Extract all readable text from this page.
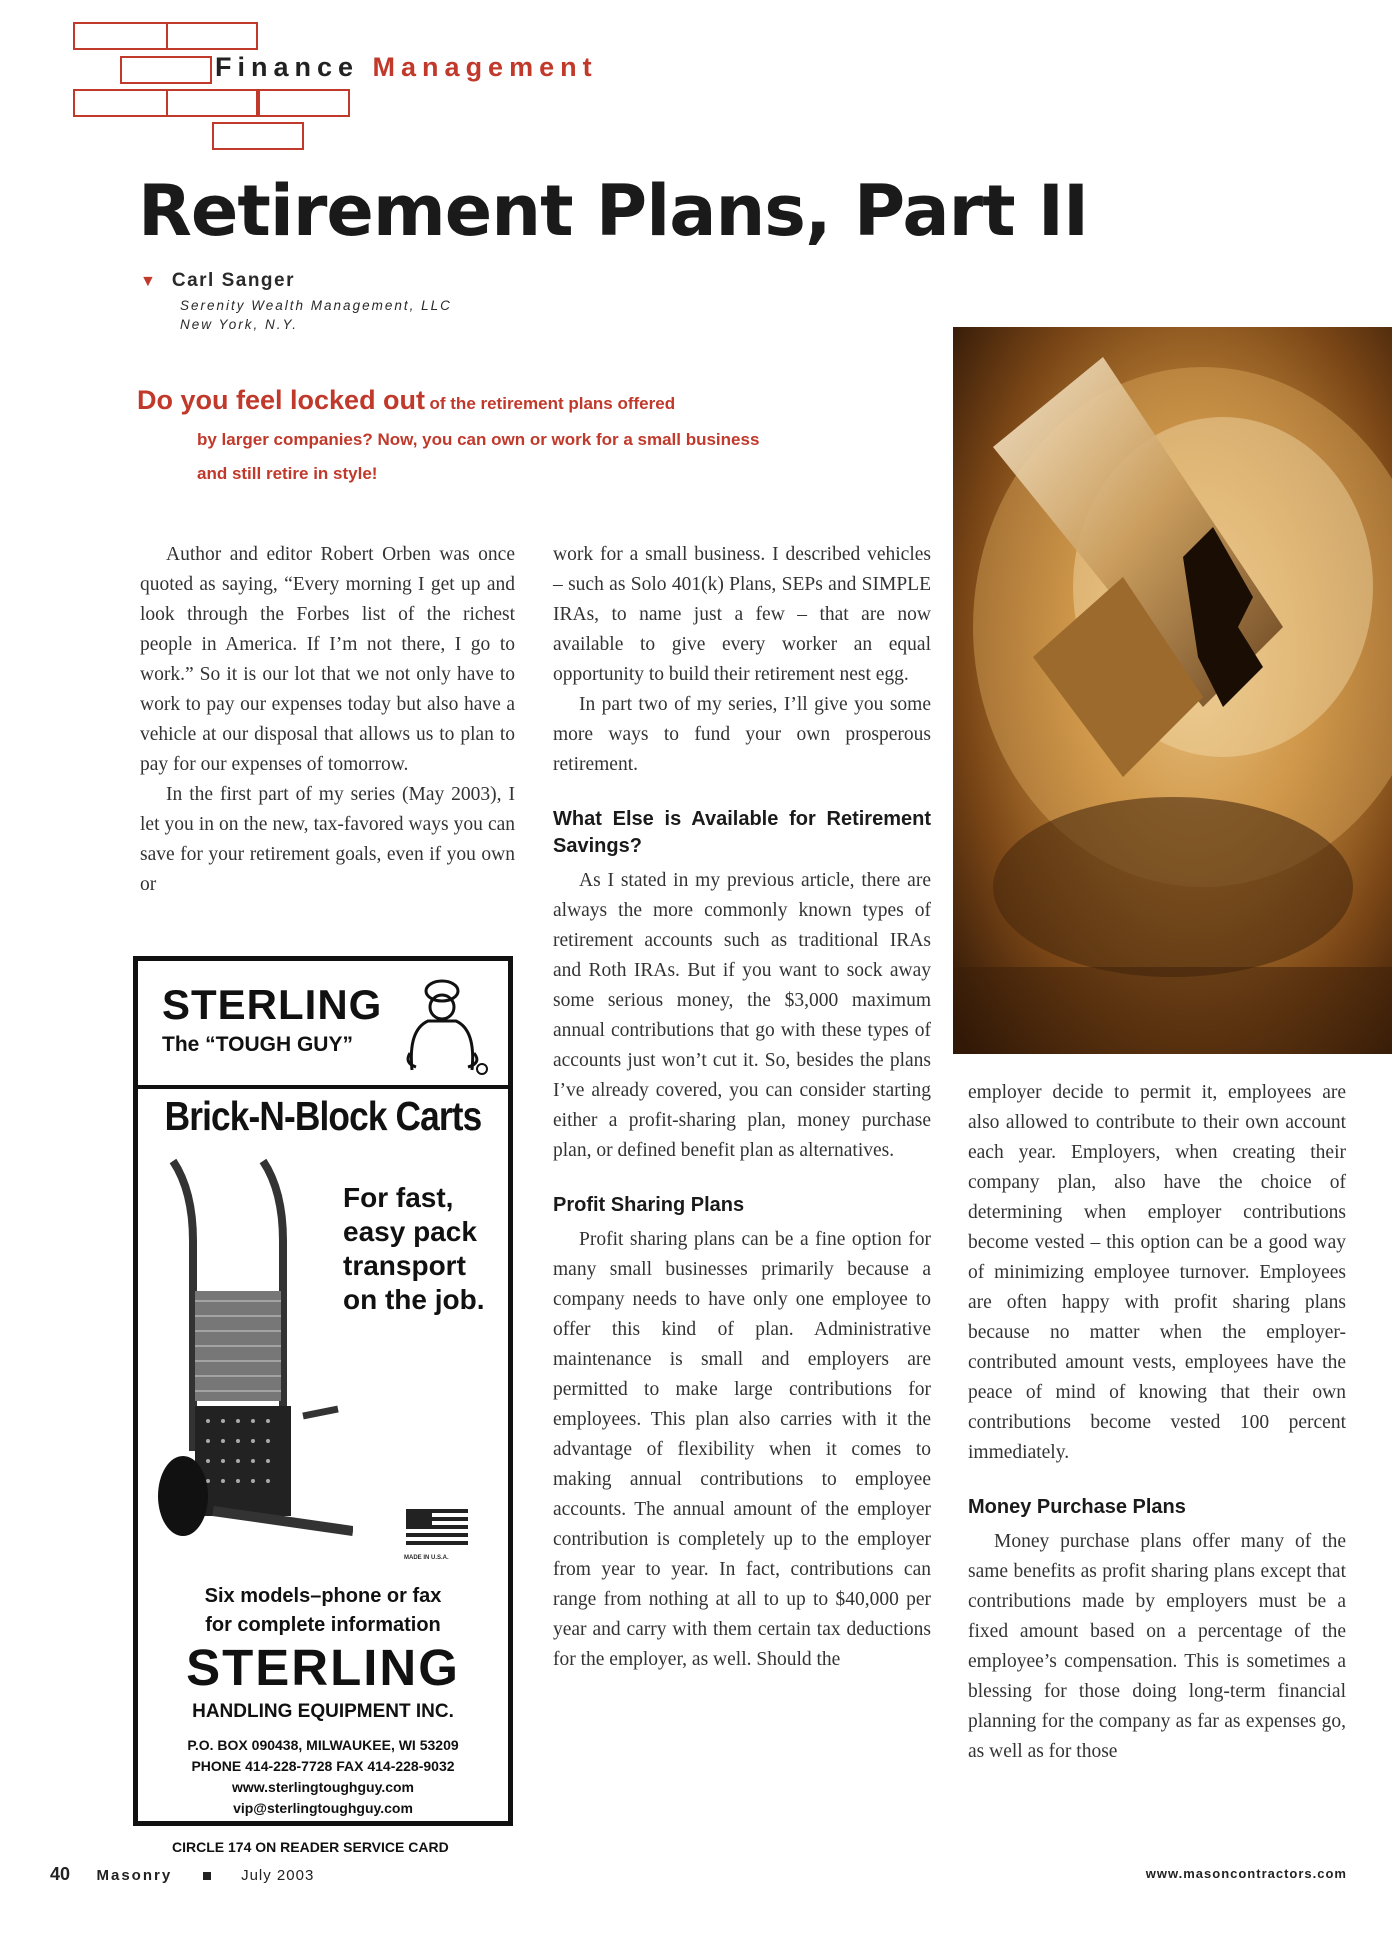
Finance Management
Retirement Plans, Part II
▼ Carl Sanger
Serenity Wealth Management, LLC
New York, N.Y.
Do you feel locked out of the retirement plans offered
by larger companies? Now, you can own or work for a small business
and still retire in style!

Author and editor Robert Orben was once quoted as saying, “Every morning I get up and look through the Forbes list of the richest people in America. If I’m not there, I go to work.” So it is our lot that we not only have to work to pay our expenses today but also have a vehicle at our disposal that allows us to plan to pay for our expenses of tomorrow.

In the first part of my series (May 2003), I let you in on the new, tax-favored ways you can save for your retirement goals, even if you own or

work for a small business. I described vehicles – such as Solo 401(k) Plans, SEPs and SIMPLE IRAs, to name just a few – that are now available to give every worker an equal opportunity to build their retirement nest egg.

In part two of my series, I’ll give you some more ways to fund your own prosperous retirement.

What Else is Available for Retirement Savings?

As I stated in my previous article, there are always the more commonly known types of retirement accounts such as traditional IRAs and Roth IRAs. But if you want to sock away some serious money, the $3,000 maximum annual contributions that go with these types of accounts just won’t cut it. So, besides the plans I’ve already covered, you can consider starting either a profit-sharing plan, money purchase plan, or defined benefit plan as alternatives.

Profit Sharing Plans

Profit sharing plans can be a fine option for many small businesses primarily because a company needs to have only one employee to offer this kind of plan. Administrative maintenance is small and employers are permitted to make large contributions for employees. This plan also carries with it the advantage of flexibility when it comes to making annual contributions to employee accounts. The annual amount of the employer contribution is completely up to the employer from year to year. In fact, contributions can range from nothing at all to up to $40,000 per year and carry with them certain tax deductions for the employer, as well. Should the

employer decide to permit it, employees are also allowed to contribute to their own account each year. Employers, when creating their company plan, also have the choice of determining when employer contributions become vested – this option can be a good way of minimizing employee turnover. Employees are often happy with profit sharing plans because no matter when the employer-contributed amount vests, employees have the peace of mind of knowing that their own contributions become vested 100 percent immediately.

Money Purchase Plans

Money purchase plans offer many of the same benefits as profit sharing plans except that contributions made by employers must be a fixed amount based on a percentage of the employee’s compensation. This is sometimes a blessing for those doing long-term financial planning for the company as far as expenses go, as well as for those

STERLING
The “TOUGH GUY”
Brick-N-Block Carts
For fast,
easy pack
transport
on the job.
MADE IN U.S.A.
Six models–phone or fax
for complete information
STERLING
HANDLING EQUIPMENT INC.
P.O. BOX 090438, MILWAUKEE, WI 53209
PHONE 414-228-7728 FAX 414-228-9032
www.sterlingtoughguy.com
vip@sterlingtoughguy.com
CIRCLE 174 ON READER SERVICE CARD
40 Masonry	July 2003	www.masoncontractors.com
